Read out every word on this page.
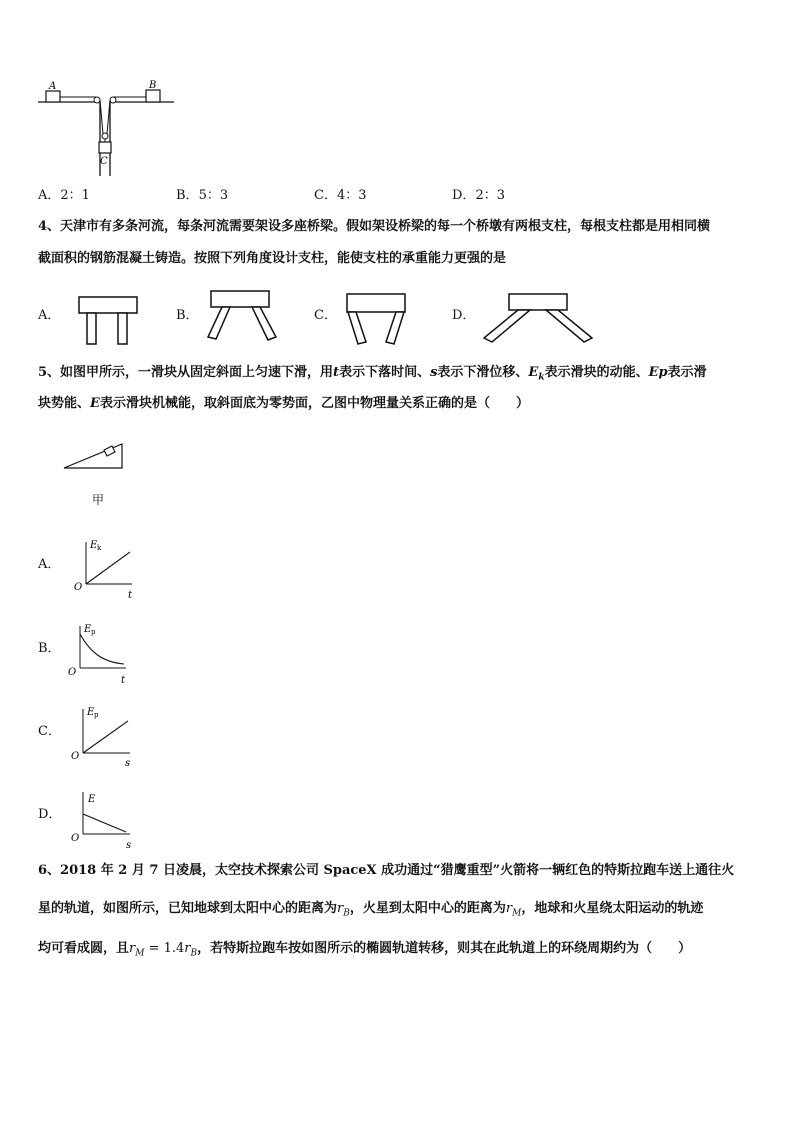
A	B
C
A．2：1	B．5：3	C．4：3	D．2：3
4、天津市有多条河流，每条河流需要架设多座桥梁。假如架设桥梁的每一个桥墩有两根支柱，每根支柱都是用相同横
截面积的钢筋混凝土铸造。按照下列角度设计支柱，能使支柱的承重能力更强的是
A．	B．	C．	D．
5、如图甲所示，一滑块从固定斜面上匀速下滑，用t表示下落时间、s表示下滑位移、$E_k$表示滑块的动能、Ep表示滑
块势能、E表示滑块机械能，取斜面底为零势面，乙图中物理量关系正确的是（　　）
甲
A．
E k
O
t
B．
E p
O
t
C．
E p
O
s
D．
E
O
s
6、2018 年 2 月 7 日凌晨，太空技术探索公司 SpaceX 成功通过“猎鹰重型”火箭将一辆红色的特斯拉跑车送上通往火
星的轨道，如图所示，已知地球到太阳中心的距离为$r_B$，火星到太阳中心的距离为$r_M$，地球和火星绕太阳运动的轨迹
均可看成圆，且$r_M = 1.4r_B$，若特斯拉跑车按如图所示的椭圆轨道转移，则其在此轨道上的环绕周期约为（　　）
